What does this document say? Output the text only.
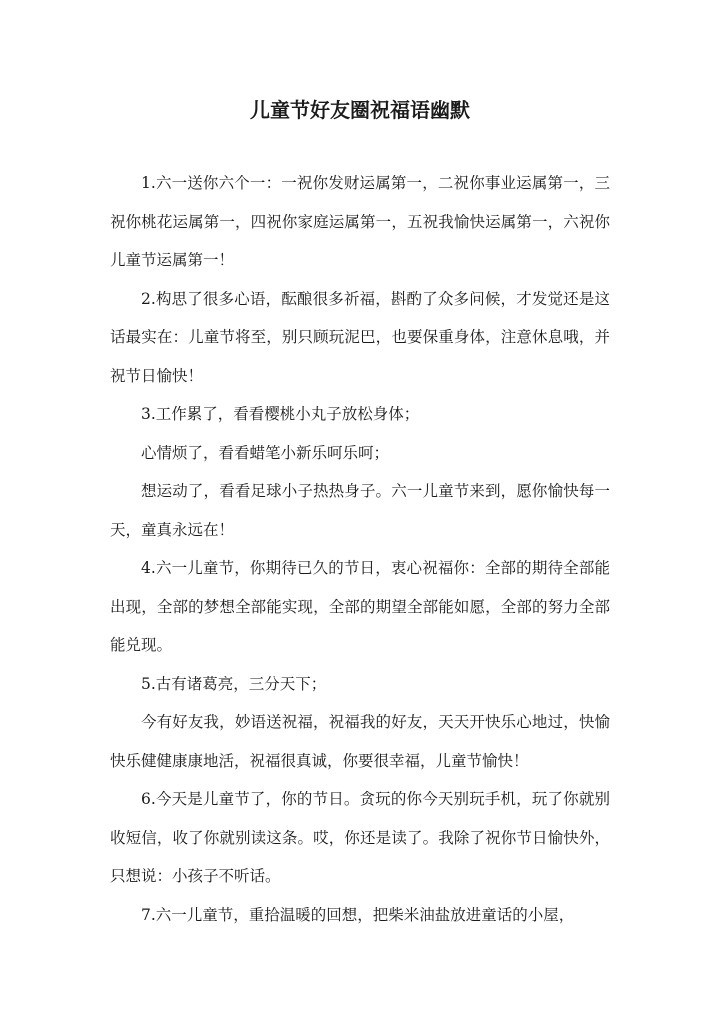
儿童节好友圈祝福语幽默

1.六一送你六个一：一祝你发财运属第一，二祝你事业运属第一，三祝你桃花运属第一，四祝你家庭运属第一，五祝我愉快运属第一，六祝你儿童节运属第一！

2.构思了很多心语，酝酿很多祈福，斟酌了众多问候，才发觉还是这话最实在：儿童节将至，别只顾玩泥巴，也要保重身体，注意休息哦，并祝节日愉快！

3.工作累了，看看樱桃小丸子放松身体；

心情烦了，看看蜡笔小新乐呵乐呵；

想运动了，看看足球小子热热身子。六一儿童节来到，愿你愉快每一天，童真永远在！

4.六一儿童节，你期待已久的节日，衷心祝福你：全部的期待全部能出现，全部的梦想全部能实现，全部的期望全部能如愿，全部的努力全部能兑现。

5.古有诸葛亮，三分天下；

今有好友我，妙语送祝福，祝福我的好友，天天开快乐心地过，快愉快乐健健康康地活，祝福很真诚，你要很幸福，儿童节愉快！

6.今天是儿童节了，你的节日。贪玩的你今天别玩手机，玩了你就别收短信，收了你就别读这条。哎，你还是读了。我除了祝你节日愉快外，只想说：小孩子不听话。

7.六一儿童节，重拾温暖的回想，把柴米油盐放进童话的小屋，
